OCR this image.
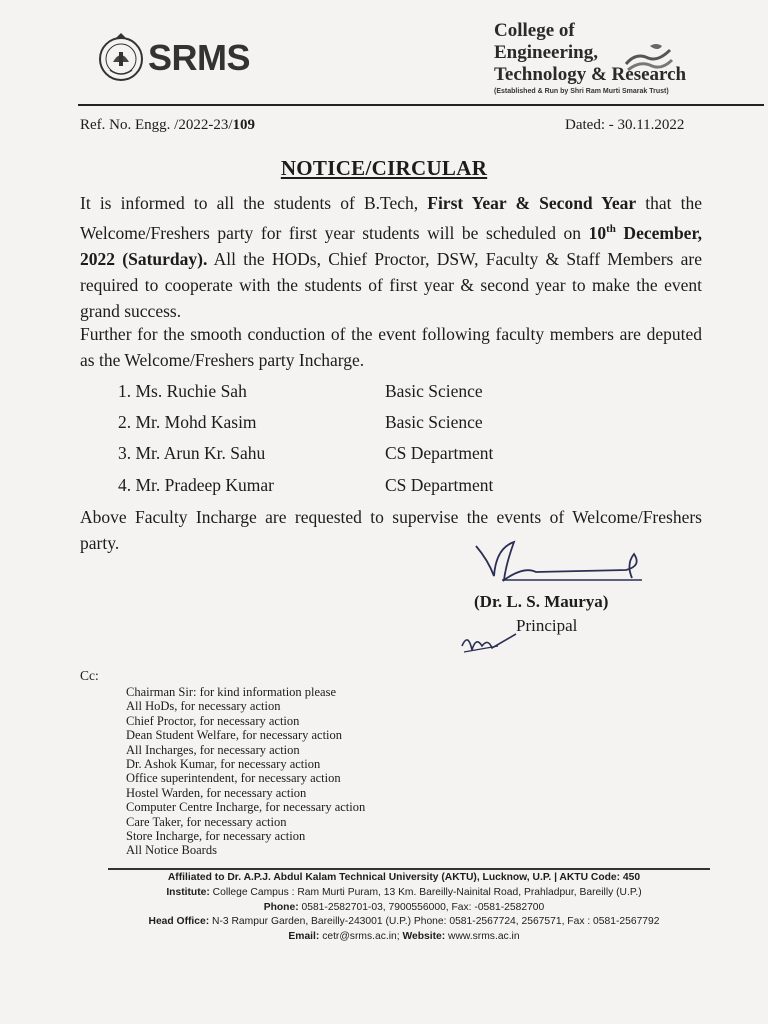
SRMS
College of
Engineering,
Technology & Research
(Established & Run by Shri Ram Murti Smarak Trust)
Ref. No. Engg. /2022-23/109	Dated: - 30.11.2022
NOTICE/CIRCULAR
It is informed to all the students of B.Tech, First Year & Second Year that the Welcome/Freshers party for first year students will be scheduled on 10th December, 2022 (Saturday). All the HODs, Chief Proctor, DSW, Faculty & Staff Members are required to cooperate with the students of first year & second year to make the event grand success.
Further for the smooth conduction of the event following faculty members are deputed as the Welcome/Freshers party Incharge.
1. Ms. Ruchie Sah	Basic Science
2. Mr. Mohd Kasim	Basic Science
3. Mr. Arun Kr. Sahu	CS Department
4. Mr. Pradeep Kumar	CS Department
Above Faculty Incharge are requested to supervise the events of Welcome/Freshers party.
(Dr. L. S. Maurya)
Principal
Cc:
Chairman Sir: for kind information please
All HoDs, for necessary action
Chief Proctor, for necessary action
Dean Student Welfare, for necessary action
All Incharges, for necessary action
Dr. Ashok Kumar, for necessary action
Office superintendent, for necessary action
Hostel Warden, for necessary action
Computer Centre Incharge, for necessary action
Care Taker, for necessary action
Store Incharge, for necessary action
All Notice Boards
Affiliated to Dr. A.P.J. Abdul Kalam Technical University (AKTU), Lucknow, U.P. | AKTU Code: 450
Institute: College Campus : Ram Murti Puram, 13 Km. Bareilly-Nainital Road, Prahladpur, Bareilly (U.P.)
Phone: 0581-2582701-03, 7900556000, Fax: -0581-2582700
Head Office: N-3 Rampur Garden, Bareilly-243001 (U.P.) Phone: 0581-2567724, 2567571, Fax : 0581-2567792
Email: cetr@srms.ac.in; Website: www.srms.ac.in
